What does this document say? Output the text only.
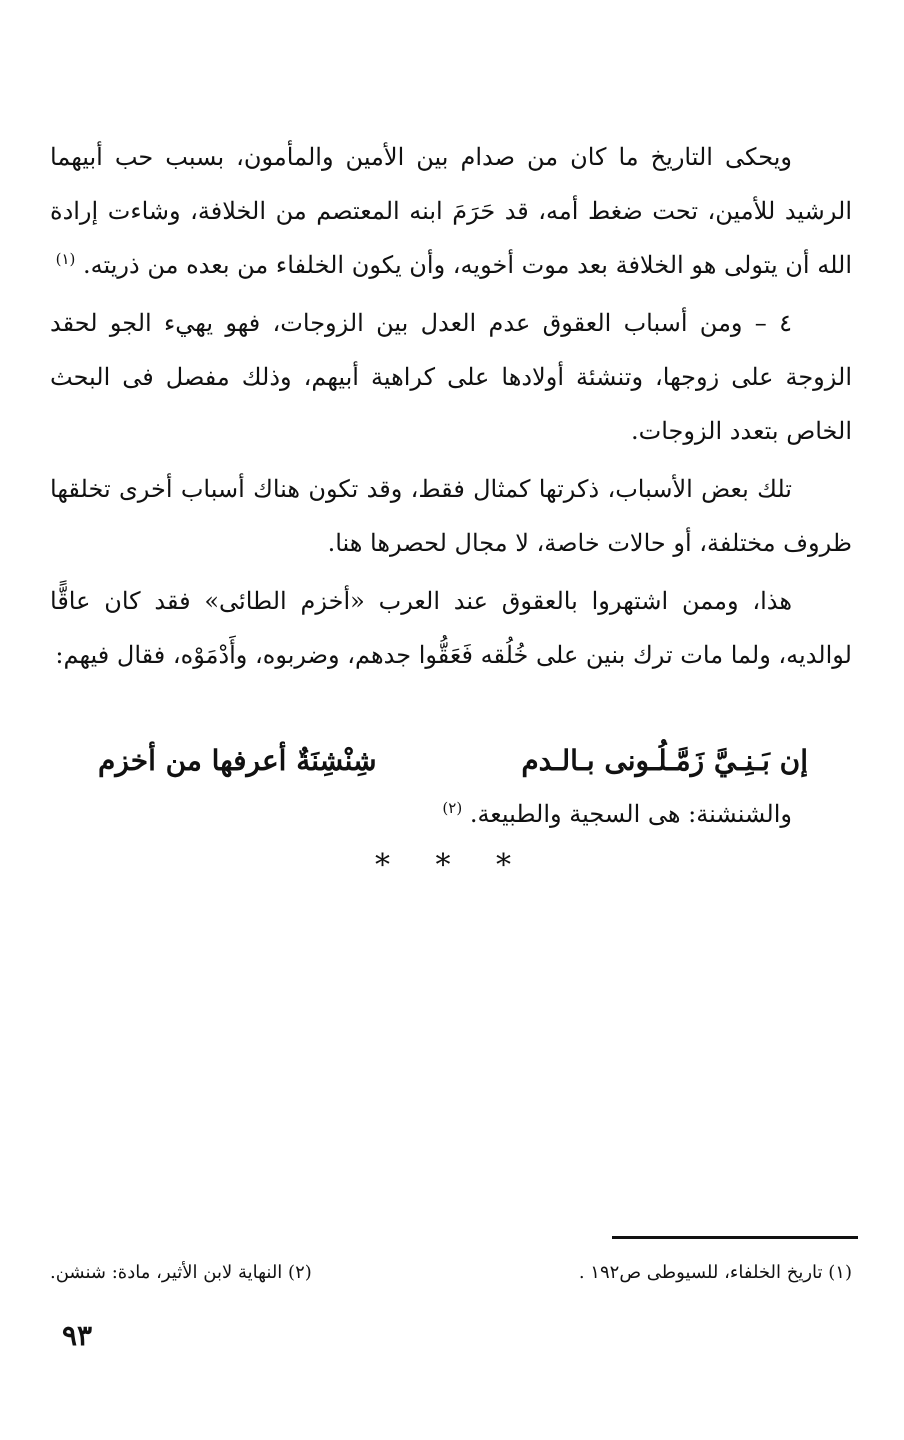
ويحكى التاريخ ما كان من صدام بين الأمين والمأمون، بسبب حب أبيهما الرشيد للأمين، تحت ضغط أمه، قد حَرَمَ ابنه المعتصم من الخلافة، وشاءت إرادة الله أن يتولى هو الخلافة بعد موت أخويه، وأن يكون الخلفاء من بعده من ذريته. $^{(١)}$

٤ – ومن أسباب العقوق عدم العدل بين الزوجات، فهو يهيء الجو لحقد الزوجة على زوجها، وتنشئة أولادها على كراهية أبيهم، وذلك مفصل فى البحث الخاص بتعدد الزوجات.

تلك بعض الأسباب، ذكرتها كمثال فقط، وقد تكون هناك أسباب أخرى تخلقها ظروف مختلفة، أو حالات خاصة، لا مجال لحصرها هنا.

هذا، وممن اشتهروا بالعقوق عند العرب «أخزم الطائى» فقد كان عاقًّا لوالديه، ولما مات ترك بنين على خُلُقه فَعَقُّوا جدهم، وضربوه، وأَدْمَوْه، فقال فيهم:

إن بَـنِـيَّ زَمَّـلُـونى بـالـدم
شِنْشِنَةٌ أعرفها من أخزم
والشنشنة: هى السجية والطبيعة. $^{(٢)}$
* * *
(١) تاريخ الخلفاء، للسيوطى ص١٩٢ .
(٢) النهاية لابن الأثير، مادة: شنشن.
٩٣
